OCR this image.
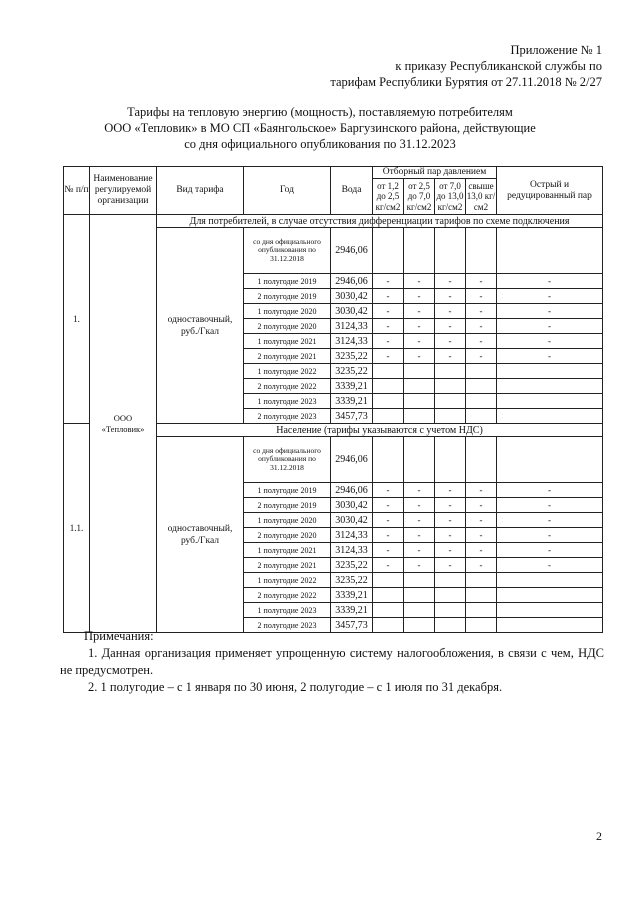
Приложение № 1
к приказу Республиканской службы по
тарифам Республики Бурятия от 27.11.2018 № 2/27
Тарифы на тепловую энергию (мощность), поставляемую потребителям
ООО «Тепловик» в МО СП «Баянгольское» Баргузинского района, действующие
со дня официального опубликования по 31.12.2023
№ п/п	Наименование регулируемой организации	Вид тарифа	Год	Вода	Отборный пар давлением				Острый и редуцированный пар
					от 1,2 до 2,5 кг/см2	от 2,5 до 7,0 кг/см2	от 7,0 до 13,0 кг/см2	свыше 13,0 кг/см2	
1.	ООО «Тепловик»	Для потребителей, в случае отсутствия дифференциации тарифов по схеме подключения							
		одноставочный, руб./Гкал	со дня официального опубликования по 31.12.2018	2946,06					
			1 полугодие 2019	2946,06	-	-	-	-	-
			2 полугодие 2019	3030,42	-	-	-	-	-
			1 полугодие 2020	3030,42	-	-	-	-	-
			2 полугодие 2020	3124,33	-	-	-	-	-
			1 полугодие 2021	3124,33	-	-	-	-	-
			2 полугодие 2021	3235,22	-	-	-	-	-
			1 полугодие 2022	3235,22					
			2 полугодие 2022	3339,21					
			1 полугодие 2023	3339,21					
			2 полугодие 2023	3457,73					
1.1.		Население (тарифы указываются с учетом НДС)							
		одноставочный, руб./Гкал	со дня официального опубликования по 31.12.2018	2946,06					
			1 полугодие 2019	2946,06	-	-	-	-	-
			2 полугодие 2019	3030,42	-	-	-	-	-
			1 полугодие 2020	3030,42	-	-	-	-	-
			2 полугодие 2020	3124,33	-	-	-	-	-
			1 полугодие 2021	3124,33	-	-	-	-	-
			2 полугодие 2021	3235,22	-	-	-	-	-
			1 полугодие 2022	3235,22					
			2 полугодие 2022	3339,21					
			1 полугодие 2023	3339,21					
			2 полугодие 2023	3457,73					

Примечания:

1. Данная организация применяет упрощенную систему налогообложения, в связи с чем, НДС не предусмотрен.

2. 1 полугодие – с 1 января по 30 июня, 2 полугодие – с 1 июля по 31 декабря.

2
